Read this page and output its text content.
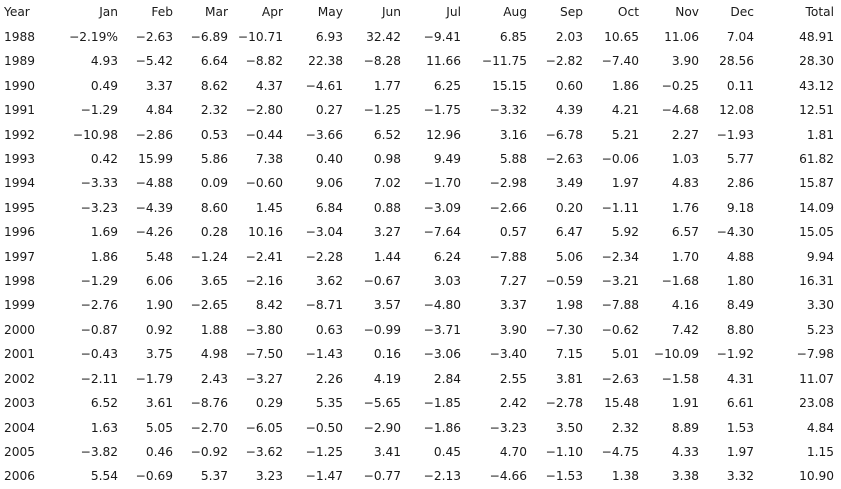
Year	Jan	Feb	Mar	Apr	May	Jun	Jul	Aug	Sep	Oct	Nov	Dec	Total
1988	−2.19%	−2.63	−6.89	−10.71	6.93	32.42	−9.41	6.85	2.03	10.65	11.06	7.04	48.91
1989	4.93	−5.42	6.64	−8.82	22.38	−8.28	11.66	−11.75	−2.82	−7.40	3.90	28.56	28.30
1990	0.49	3.37	8.62	4.37	−4.61	1.77	6.25	15.15	0.60	1.86	−0.25	0.11	43.12
1991	−1.29	4.84	2.32	−2.80	0.27	−1.25	−1.75	−3.32	4.39	4.21	−4.68	12.08	12.51
1992	−10.98	−2.86	0.53	−0.44	−3.66	6.52	12.96	3.16	−6.78	5.21	2.27	−1.93	1.81
1993	0.42	15.99	5.86	7.38	0.40	0.98	9.49	5.88	−2.63	−0.06	1.03	5.77	61.82
1994	−3.33	−4.88	0.09	−0.60	9.06	7.02	−1.70	−2.98	3.49	1.97	4.83	2.86	15.87
1995	−3.23	−4.39	8.60	1.45	6.84	0.88	−3.09	−2.66	0.20	−1.11	1.76	9.18	14.09
1996	1.69	−4.26	0.28	10.16	−3.04	3.27	−7.64	0.57	6.47	5.92	6.57	−4.30	15.05
1997	1.86	5.48	−1.24	−2.41	−2.28	1.44	6.24	−7.88	5.06	−2.34	1.70	4.88	9.94
1998	−1.29	6.06	3.65	−2.16	3.62	−0.67	3.03	7.27	−0.59	−3.21	−1.68	1.80	16.31
1999	−2.76	1.90	−2.65	8.42	−8.71	3.57	−4.80	3.37	1.98	−7.88	4.16	8.49	3.30
2000	−0.87	0.92	1.88	−3.80	0.63	−0.99	−3.71	3.90	−7.30	−0.62	7.42	8.80	5.23
2001	−0.43	3.75	4.98	−7.50	−1.43	0.16	−3.06	−3.40	7.15	5.01	−10.09	−1.92	−7.98
2002	−2.11	−1.79	2.43	−3.27	2.26	4.19	2.84	2.55	3.81	−2.63	−1.58	4.31	11.07
2003	6.52	3.61	−8.76	0.29	5.35	−5.65	−1.85	2.42	−2.78	15.48	1.91	6.61	23.08
2004	1.63	5.05	−2.70	−6.05	−0.50	−2.90	−1.86	−3.23	3.50	2.32	8.89	1.53	4.84
2005	−3.82	0.46	−0.92	−3.62	−1.25	3.41	0.45	4.70	−1.10	−4.75	4.33	1.97	1.15
2006	5.54	−0.69	5.37	3.23	−1.47	−0.77	−2.13	−4.66	−1.53	1.38	3.38	3.32	10.90
